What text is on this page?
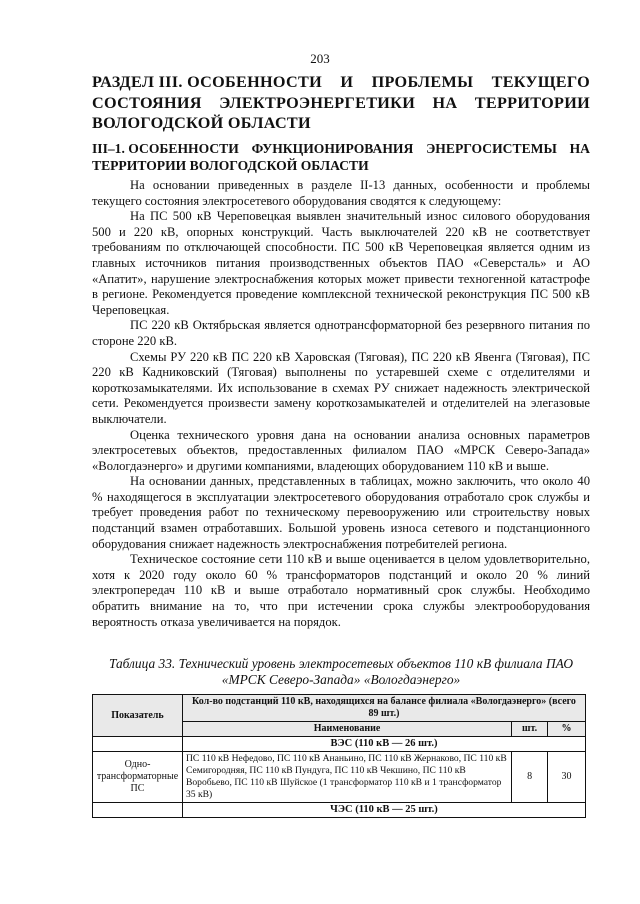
203
РАЗДЕЛ III. ОСОБЕННОСТИ И ПРОБЛЕМЫ ТЕКУЩЕГО
СОСТОЯНИЯ ЭЛЕКТРОЭНЕРГЕТИКИ НА ТЕРРИТОРИИ
ВОЛОГОДСКОЙ ОБЛАСТИ
III–1. ОСОБЕННОСТИ ФУНКЦИОНИРОВАНИЯ ЭНЕРГОСИСТЕМЫ НА
ТЕРРИТОРИИ ВОЛОГОДСКОЙ ОБЛАСТИ

На основании приведенных в разделе II-13 данных, особенности и проблемы текущего состояния электросетевого оборудования сводятся к следующему:

На ПС 500 кВ Череповецкая выявлен значительный износ силового оборудования 500 и 220 кВ, опорных конструкций. Часть выключателей 220 кВ не соответствует требованиям по отключающей способности. ПС 500 кВ Череповецкая является одним из главных источников питания производственных объектов ПАО «Северсталь» и АО «Апатит», нарушение электроснабжения которых может привести техногенной катастрофе в регионе. Рекомендуется проведение комплексной технической реконструкция ПС 500 кВ Череповецкая.

ПС 220 кВ Октябрьская является однотрансформаторной без резервного питания по стороне 220 кВ.

Схемы РУ 220 кВ ПС 220 кВ Харовская (Тяговая), ПС 220 кВ Явенга (Тяговая), ПС 220 кВ Кадниковский (Тяговая) выполнены по устаревшей схеме с отделителями и короткозамыкателями. Их использование в схемах РУ снижает надежность электрической сети. Рекомендуется произвести замену короткозамыкателей и отделителей на элегазовые выключатели.

Оценка технического уровня дана на основании анализа основных параметров электросетевых объектов, предоставленных филиалом ПАО «МРСК Северо-Запада» «Вологдаэнерго» и другими компаниями, владеющих оборудованием 110 кВ и выше.

На основании данных, представленных в таблицах, можно заключить, что около 40 % находящегося в эксплуатации электросетевого оборудования отработало срок службы и требует проведения работ по техническому перевооружению или строительству новых подстанций взамен отработавших. Большой уровень износа сетевого и подстанционного оборудования снижает надежность электроснабжения потребителей региона.

Техническое состояние сети 110 кВ и выше оценивается в целом удовлетворительно, хотя к 2020 году около 60 % трансформаторов подстанций и около 20 % линий электропередач 110 кВ и выше отработало нормативный срок службы. Необходимо обратить внимание на то, что при истечении срока службы электрооборудования вероятность отказа увеличивается на порядок.

Таблица 33. Технический уровень электросетевых объектов 110 кВ филиала ПАО «МРСК Северо-Запада» «Вологдаэнерго»
Показатель	Кол-во подстанций 110 кВ, находящихся на балансе филиала «Вологдаэнерго» (всего 89 шт.)		
	Наименование	шт.	%
	ВЭС (110 кВ — 26 шт.)		
Одно-трансформаторные ПС	ПС 110 кВ Нефедово, ПС 110 кВ Ананьино, ПС 110 кВ Жернаково, ПС 110 кВ Семигородняя, ПС 110 кВ Пундуга, ПС 110 кВ Чекшино, ПС 110 кВ Воробьево, ПС 110 кВ Шуйское (1 трансформатор 110 кВ и 1 трансформатор 35 кВ)	8	30
	ЧЭС (110 кВ — 25 шт.)		
